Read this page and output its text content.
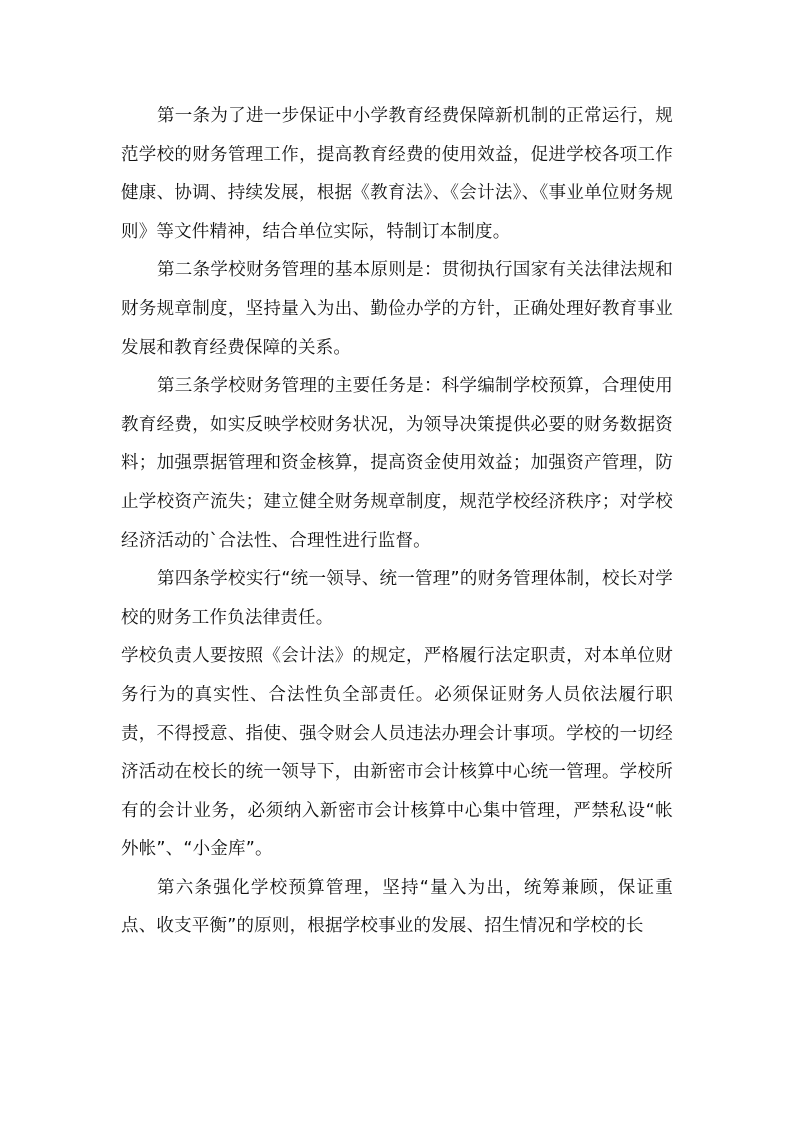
第一条为了进一步保证中小学教育经费保障新机制的正常运行，规范学校的财务管理工作，提高教育经费的使用效益，促进学校各项工作健康、协调、持续发展，根据《教育法》、《会计法》、《事业单位财务规则》等文件精神，结合单位实际，特制订本制度。

第二条学校财务管理的基本原则是：贯彻执行国家有关法律法规和财务规章制度，坚持量入为出、勤俭办学的方针，正确处理好教育事业发展和教育经费保障的关系。

第三条学校财务管理的主要任务是：科学编制学校预算，合理使用教育经费，如实反映学校财务状况，为领导决策提供必要的财务数据资料；加强票据管理和资金核算，提高资金使用效益；加强资产管理，防止学校资产流失；建立健全财务规章制度，规范学校经济秩序；对学校经济活动的`合法性、合理性进行监督。

第四条学校实行“统一领导、统一管理”的财务管理体制，校长对学校的财务工作负法律责任。

学校负责人要按照《会计法》的规定，严格履行法定职责，对本单位财务行为的真实性、合法性负全部责任。必须保证财务人员依法履行职责，不得授意、指使、强令财会人员违法办理会计事项。学校的一切经济活动在校长的统一领导下，由新密市会计核算中心统一管理。学校所有的会计业务，必须纳入新密市会计核算中心集中管理，严禁私设“帐外帐”、“小金库”。

第六条强化学校预算管理，坚持“量入为出，统筹兼顾，保证重点、收支平衡”的原则，根据学校事业的发展、招生情况和学校的长
